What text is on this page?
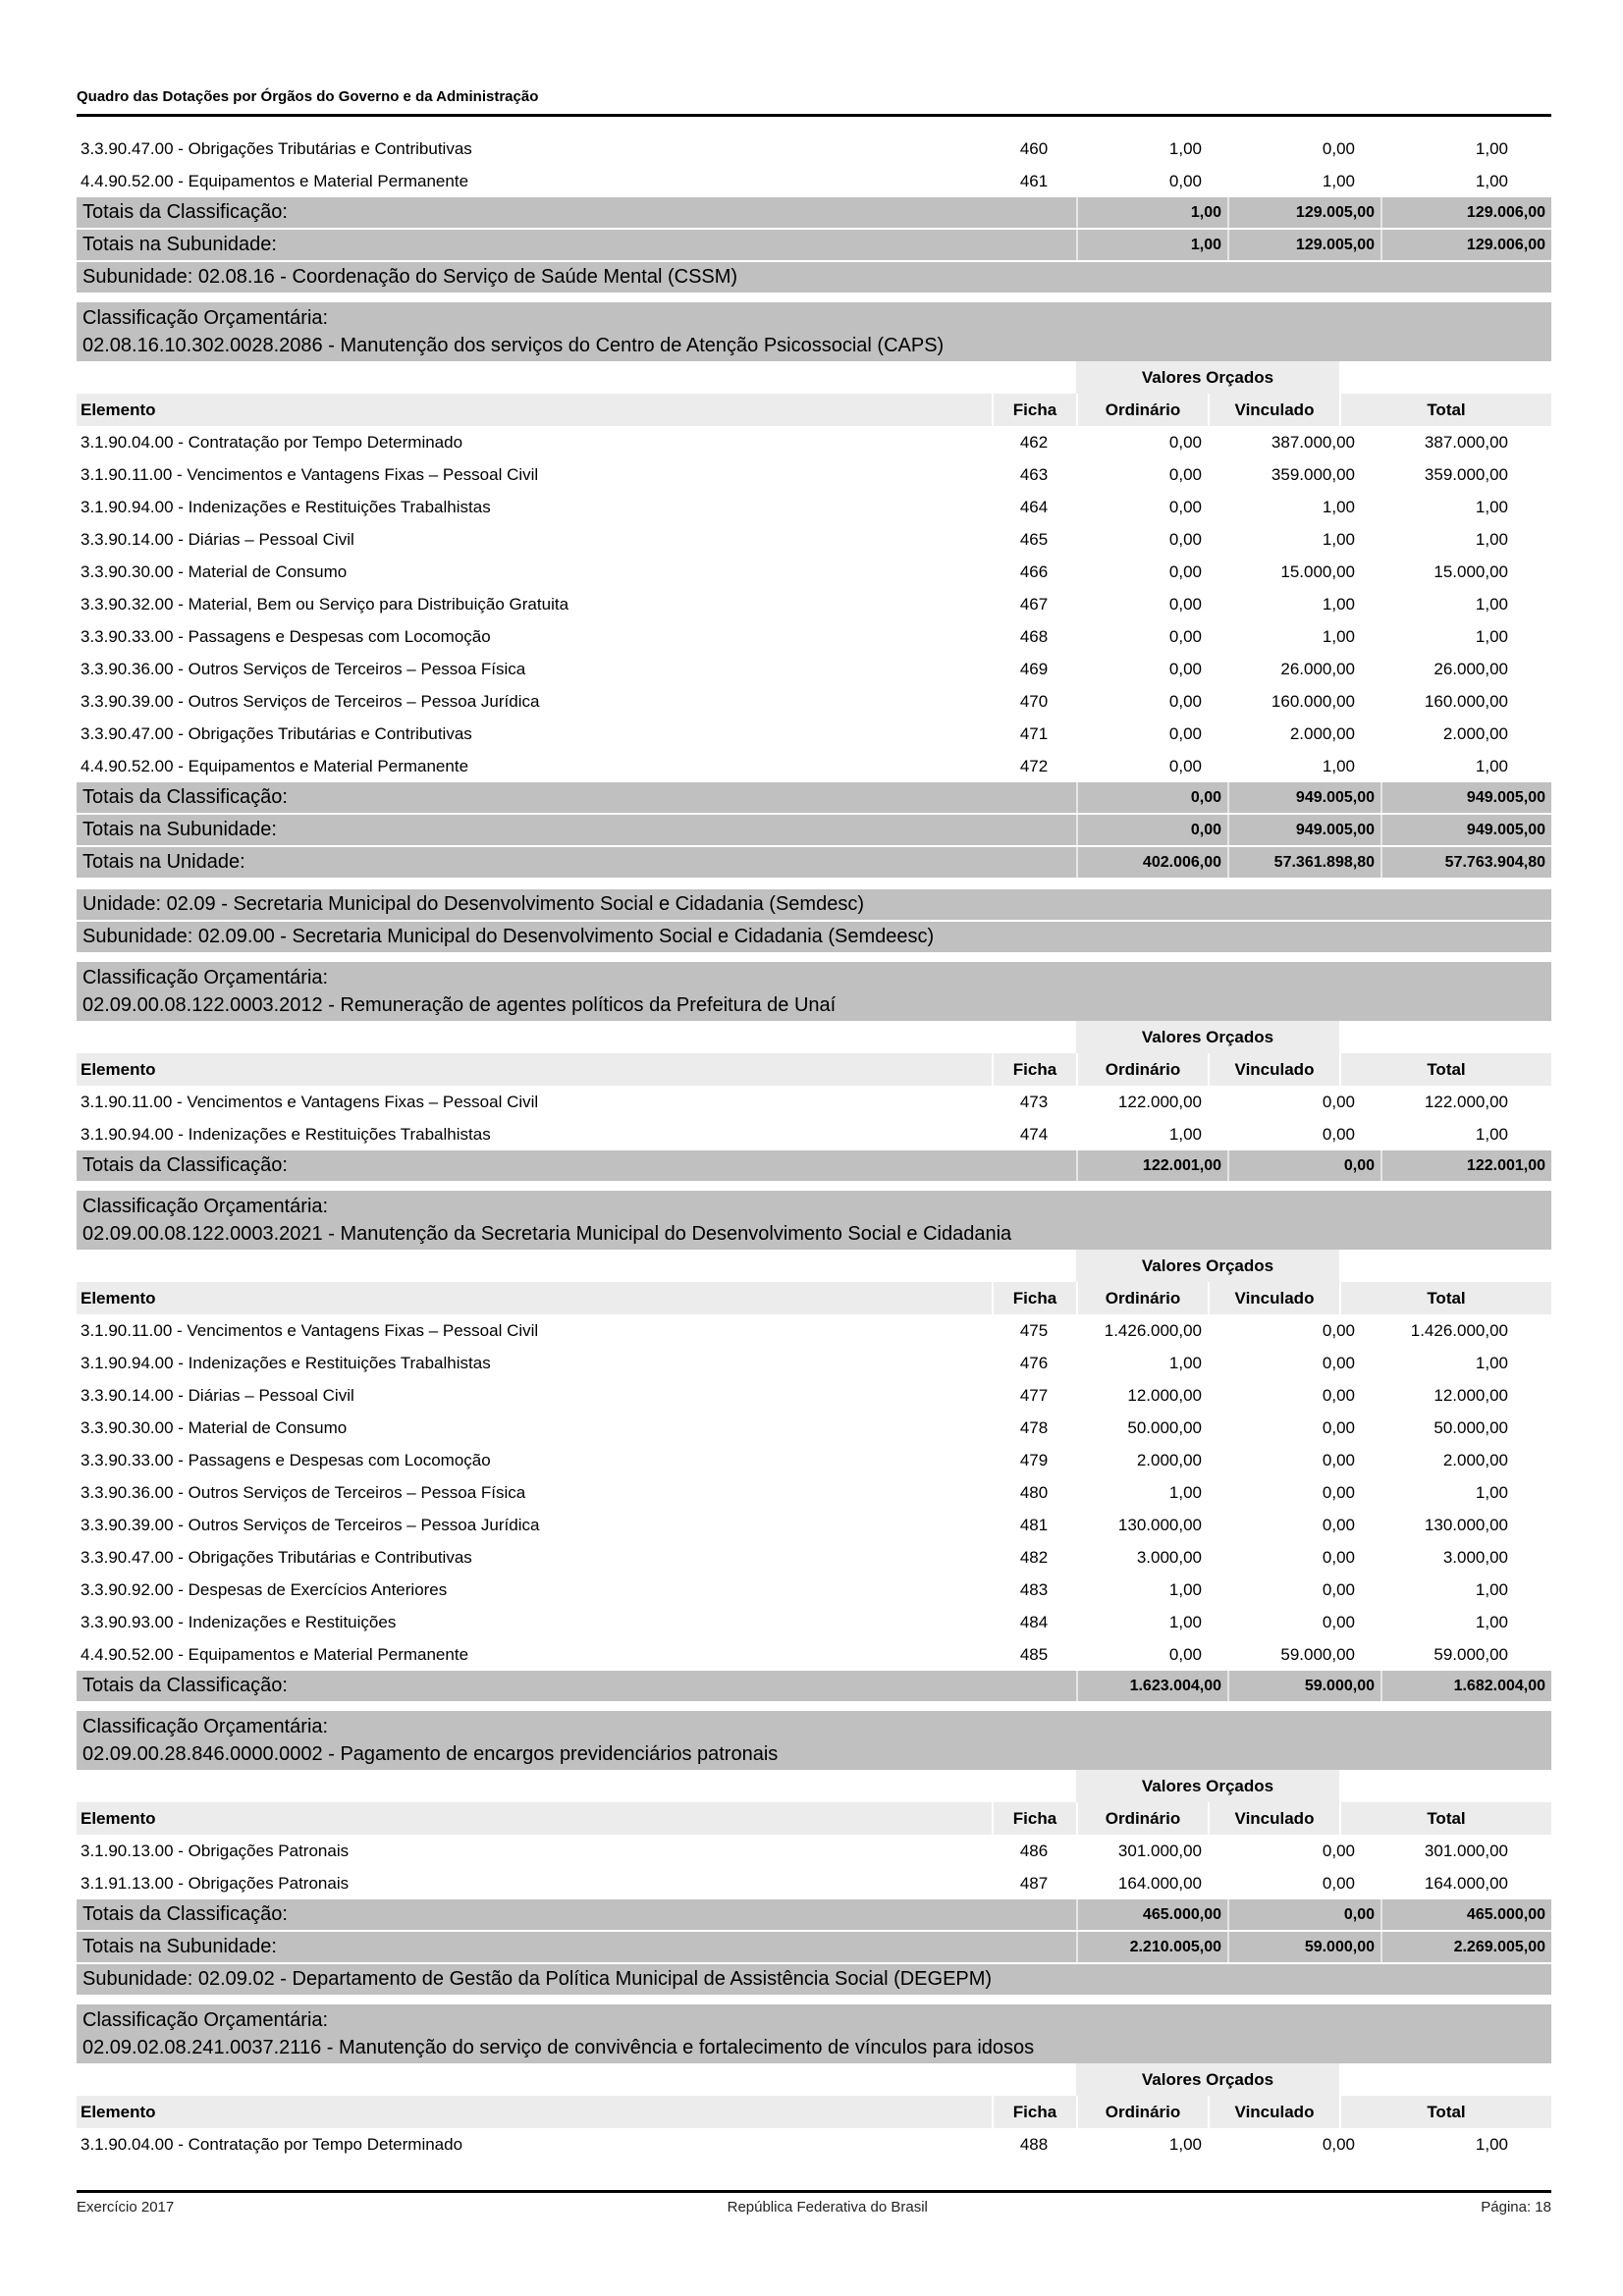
Quadro das Dotações por Órgãos do Governo e da Administração
3.3.90.47.00 - Obrigações Tributárias e Contributivas	460	1,00	0,00	1,00
4.4.90.52.00 - Equipamentos e Material Permanente	461	0,00	1,00	1,00
Totais da Classificação:	1,00	129.005,00	129.006,00
Totais na Subunidade:	1,00	129.005,00	129.006,00
Subunidade: 02.08.16 - Coordenação do Serviço de Saúde Mental (CSSM)
Classificação Orçamentária:
02.08.16.10.302.0028.2086 - Manutenção dos serviços do Centro de Atenção Psicossocial (CAPS)
Valores Orçados
Elemento	Ficha	Ordinário	Vinculado	Total
3.1.90.04.00 - Contratação por Tempo Determinado	462	0,00	387.000,00	387.000,00
3.1.90.11.00 - Vencimentos e Vantagens Fixas – Pessoal Civil	463	0,00	359.000,00	359.000,00
3.1.90.94.00 - Indenizações e Restituições Trabalhistas	464	0,00	1,00	1,00
3.3.90.14.00 - Diárias – Pessoal Civil	465	0,00	1,00	1,00
3.3.90.30.00 - Material de Consumo	466	0,00	15.000,00	15.000,00
3.3.90.32.00 - Material, Bem ou Serviço para Distribuição Gratuita	467	0,00	1,00	1,00
3.3.90.33.00 - Passagens e Despesas com Locomoção	468	0,00	1,00	1,00
3.3.90.36.00 - Outros Serviços de Terceiros – Pessoa Física	469	0,00	26.000,00	26.000,00
3.3.90.39.00 - Outros Serviços de Terceiros – Pessoa Jurídica	470	0,00	160.000,00	160.000,00
3.3.90.47.00 - Obrigações Tributárias e Contributivas	471	0,00	2.000,00	2.000,00
4.4.90.52.00 - Equipamentos e Material Permanente	472	0,00	1,00	1,00
Totais da Classificação:	0,00	949.005,00	949.005,00
Totais na Subunidade:	0,00	949.005,00	949.005,00
Totais na Unidade:	402.006,00	57.361.898,80	57.763.904,80
Unidade: 02.09 - Secretaria Municipal do Desenvolvimento Social e Cidadania (Semdesc)
Subunidade: 02.09.00 - Secretaria Municipal do Desenvolvimento Social e Cidadania (Semdeesc)
Classificação Orçamentária:
02.09.00.08.122.0003.2012 - Remuneração de agentes políticos da Prefeitura de Unaí
Valores Orçados
Elemento	Ficha	Ordinário	Vinculado	Total
3.1.90.11.00 - Vencimentos e Vantagens Fixas – Pessoal Civil	473	122.000,00	0,00	122.000,00
3.1.90.94.00 - Indenizações e Restituições Trabalhistas	474	1,00	0,00	1,00
Totais da Classificação:	122.001,00	0,00	122.001,00
Classificação Orçamentária:
02.09.00.08.122.0003.2021 - Manutenção da Secretaria Municipal do Desenvolvimento Social e Cidadania
Valores Orçados
Elemento	Ficha	Ordinário	Vinculado	Total
3.1.90.11.00 - Vencimentos e Vantagens Fixas – Pessoal Civil	475	1.426.000,00	0,00	1.426.000,00
3.1.90.94.00 - Indenizações e Restituições Trabalhistas	476	1,00	0,00	1,00
3.3.90.14.00 - Diárias – Pessoal Civil	477	12.000,00	0,00	12.000,00
3.3.90.30.00 - Material de Consumo	478	50.000,00	0,00	50.000,00
3.3.90.33.00 - Passagens e Despesas com Locomoção	479	2.000,00	0,00	2.000,00
3.3.90.36.00 - Outros Serviços de Terceiros – Pessoa Física	480	1,00	0,00	1,00
3.3.90.39.00 - Outros Serviços de Terceiros – Pessoa Jurídica	481	130.000,00	0,00	130.000,00
3.3.90.47.00 - Obrigações Tributárias e Contributivas	482	3.000,00	0,00	3.000,00
3.3.90.92.00 - Despesas de Exercícios Anteriores	483	1,00	0,00	1,00
3.3.90.93.00 - Indenizações e Restituições	484	1,00	0,00	1,00
4.4.90.52.00 - Equipamentos e Material Permanente	485	0,00	59.000,00	59.000,00
Totais da Classificação:	1.623.004,00	59.000,00	1.682.004,00
Classificação Orçamentária:
02.09.00.28.846.0000.0002 - Pagamento de encargos previdenciários patronais
Valores Orçados
Elemento	Ficha	Ordinário	Vinculado	Total
3.1.90.13.00 - Obrigações Patronais	486	301.000,00	0,00	301.000,00
3.1.91.13.00 - Obrigações Patronais	487	164.000,00	0,00	164.000,00
Totais da Classificação:	465.000,00	0,00	465.000,00
Totais na Subunidade:	2.210.005,00	59.000,00	2.269.005,00
Subunidade: 02.09.02 - Departamento de Gestão da Política Municipal de Assistência Social (DEGEPM)
Classificação Orçamentária:
02.09.02.08.241.0037.2116 - Manutenção do serviço de convivência e fortalecimento de vínculos para idosos
Valores Orçados
Elemento	Ficha	Ordinário	Vinculado	Total
3.1.90.04.00 - Contratação por Tempo Determinado	488	1,00	0,00	1,00
Exercício 2017	República Federativa do Brasil	Página: 18
